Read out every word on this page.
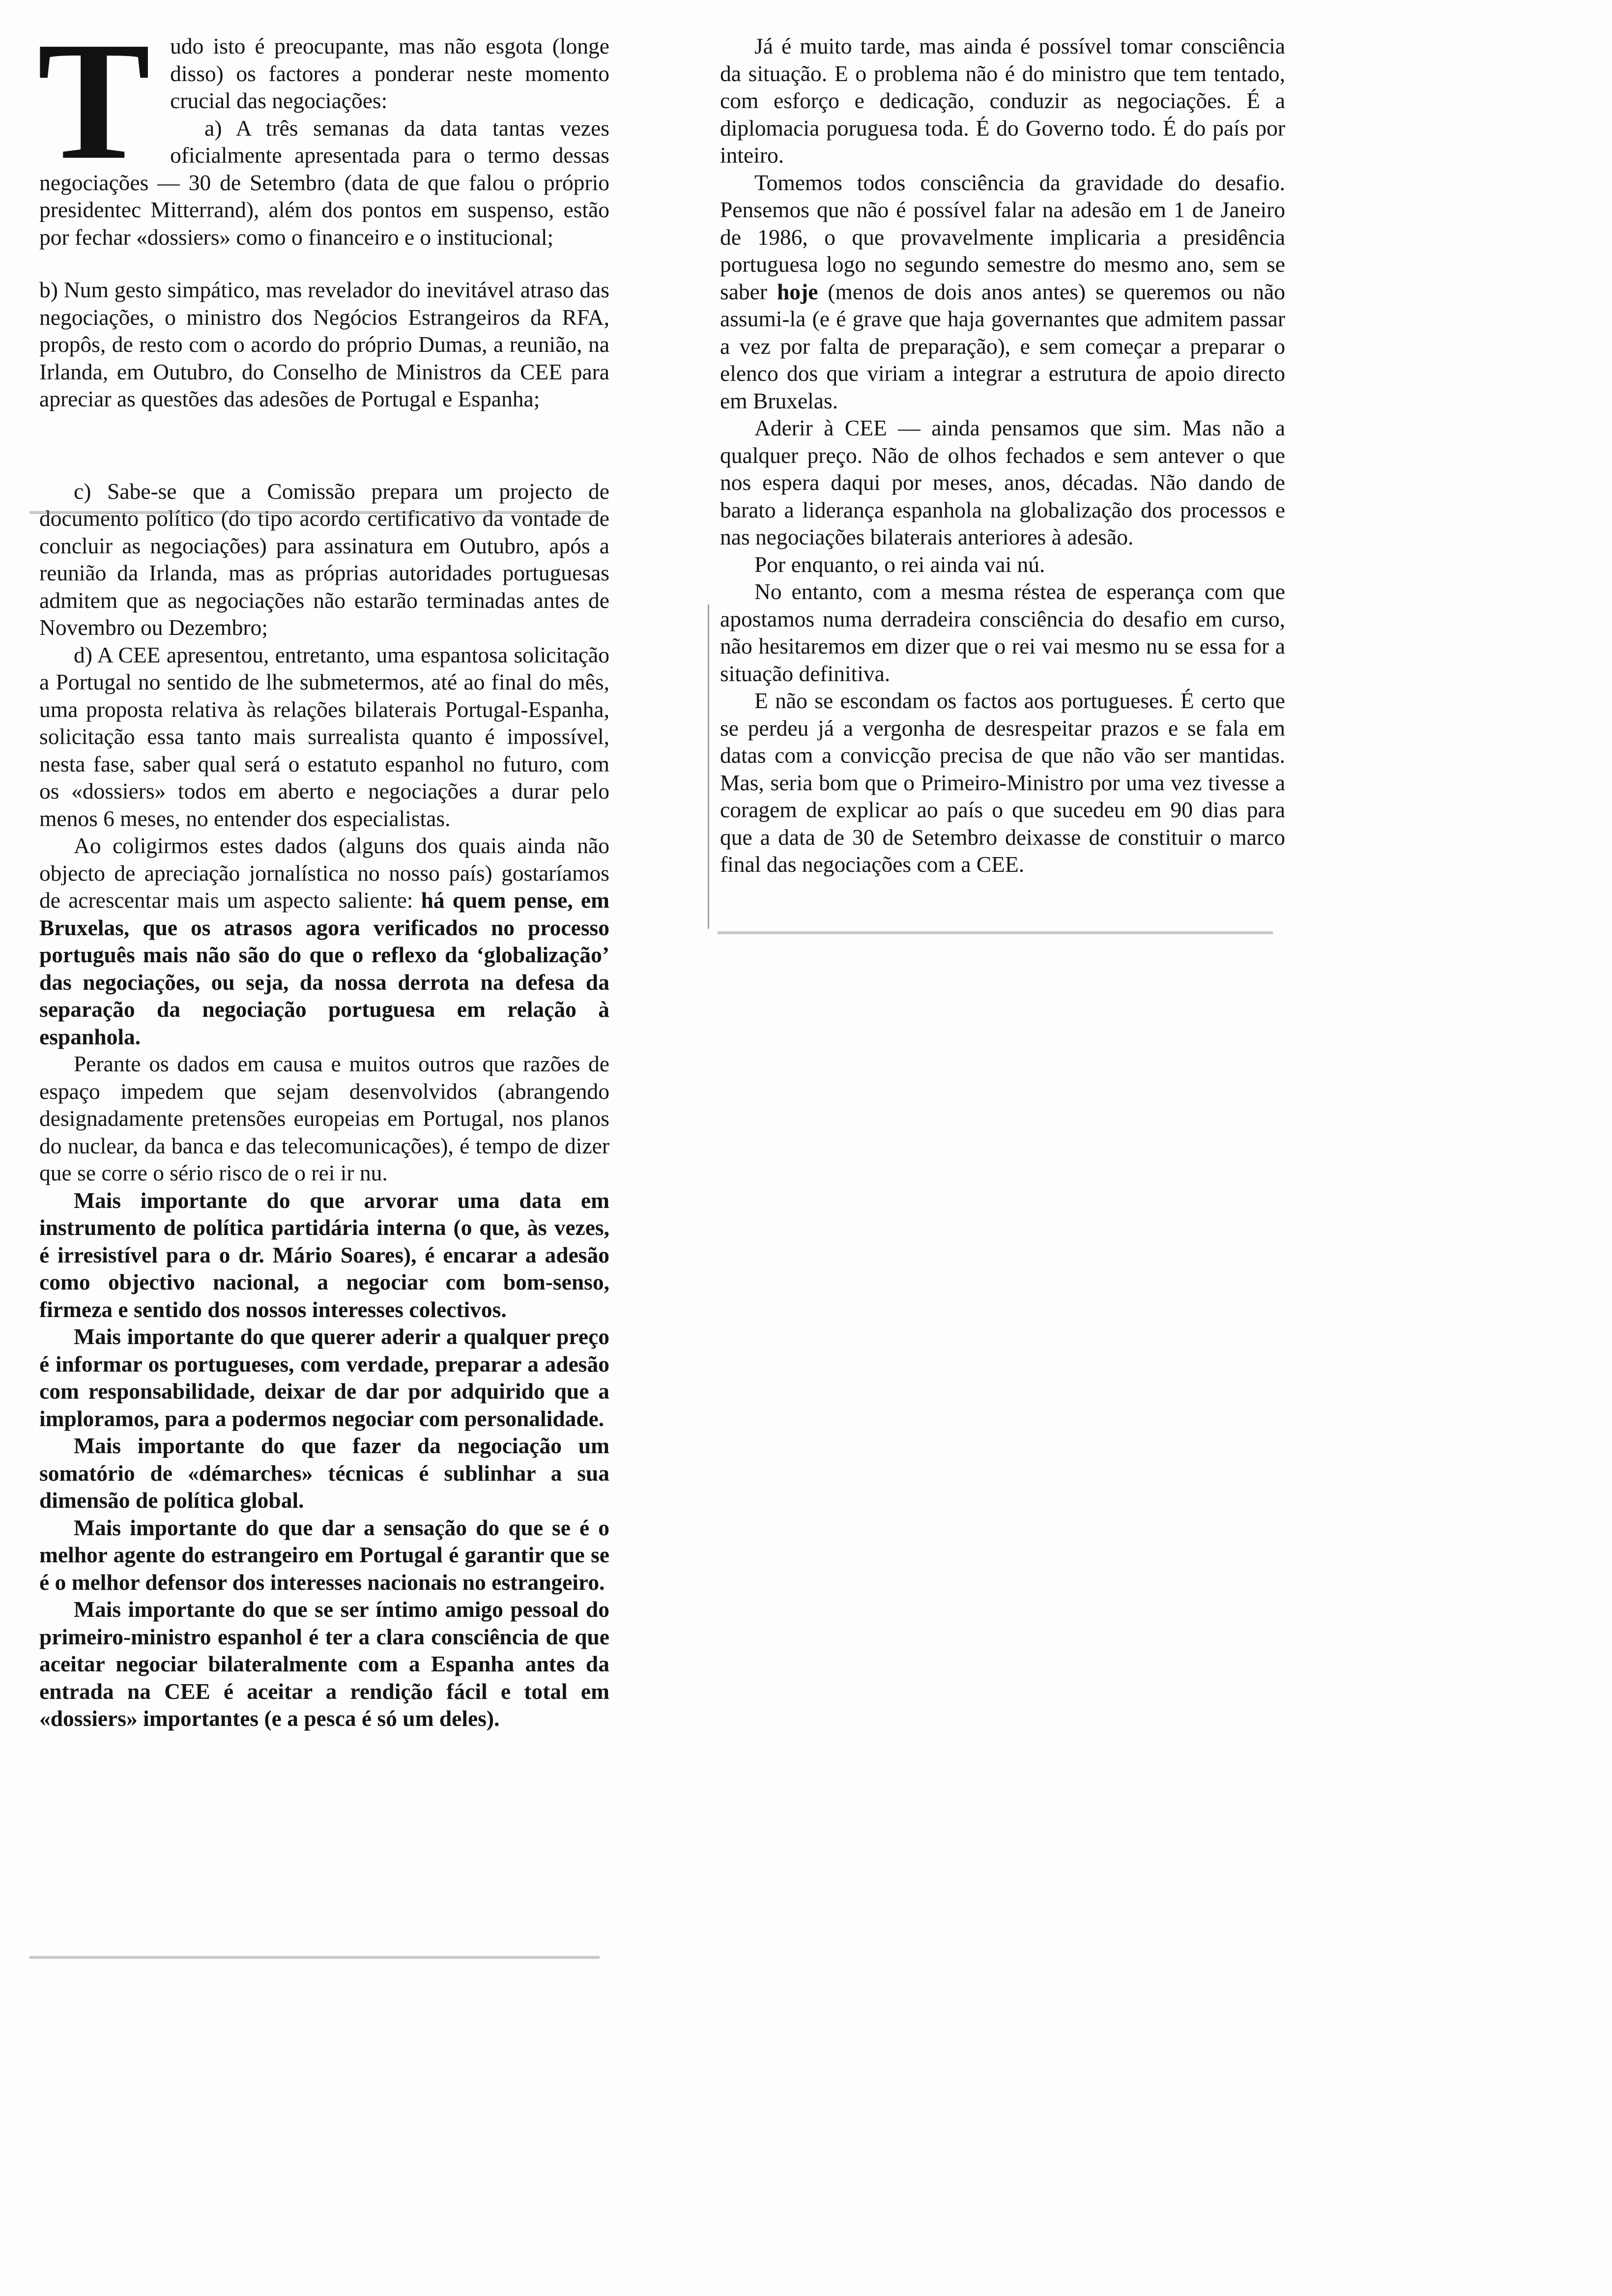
T udo isto é preocupante, mas não esgota (longe disso) os factores a ponderar neste momento crucial das negociações:

a) A três semanas da data tantas vezes oficialmente apresentada para o termo dessas negociações — 30 de Setembro (data de que falou o próprio presidentec Mitterrand), além dos pontos em suspenso, estão por fechar «dossiers» como o financeiro e o institucional;

b) Num gesto simpático, mas revelador do inevitável atraso das negociações, o ministro dos Negócios Estrangeiros da RFA, propôs, de resto com o acordo do próprio Dumas, a reunião, na Irlanda, em Outubro, do Conselho de Ministros da CEE para apreciar as questões das adesões de Portugal e Espanha;

c) Sabe-se que a Comissão prepara um projecto de documento político (do tipo acordo certificativo da vontade de concluir as negociações) para assinatura em Outubro, após a reunião da Irlanda, mas as próprias autoridades portuguesas admitem que as negociações não estarão terminadas antes de Novembro ou Dezembro;

d) A CEE apresentou, entretanto, uma espantosa solicitação a Portugal no sentido de lhe submetermos, até ao final do mês, uma proposta relativa às relações bilaterais Portugal-Espanha, solicitação essa tanto mais surrealista quanto é impossível, nesta fase, saber qual será o estatuto espanhol no futuro, com os «dossiers» todos em aberto e negociações a durar pelo menos 6 meses, no entender dos especialistas.

Ao coligirmos estes dados (alguns dos quais ainda não objecto de apreciação jornalística no nosso país) gostaríamos de acrescentar mais um aspecto saliente: há quem pense, em Bruxelas, que os atrasos agora verificados no processo português mais não são do que o reflexo da ‘globalização’ das negociações, ou seja, da nossa derrota na defesa da separação da negociação portuguesa em relação à espanhola.

Perante os dados em causa e muitos outros que razões de espaço impedem que sejam desenvolvidos (abrangendo designadamente pretensões europeias em Portugal, nos planos do nuclear, da banca e das telecomunicações), é tempo de dizer que se corre o sério risco de o rei ir nu.

Mais importante do que arvorar uma data em instrumento de política partidária interna (o que, às vezes, é irresistível para o dr. Mário Soares), é encarar a adesão como objectivo nacional, a negociar com bom-senso, firmeza e sentido dos nossos interesses colectivos.

Mais importante do que querer aderir a qualquer preço é informar os portugueses, com verdade, preparar a adesão com responsabilidade, deixar de dar por adquirido que a imploramos, para a podermos negociar com personalidade.

Mais importante do que fazer da negociação um somatório de «démarches» técnicas é sublinhar a sua dimensão de política global.

Mais importante do que dar a sensação do que se é o melhor agente do estrangeiro em Portugal é garantir que se é o melhor defensor dos interesses nacionais no estrangeiro.

Mais importante do que se ser íntimo amigo pessoal do primeiro-ministro espanhol é ter a clara consciência de que aceitar negociar bilateralmente com a Espanha antes da entrada na CEE é aceitar a rendição fácil e total em «dossiers» importantes (e a pesca é só um deles).

Já é muito tarde, mas ainda é possível tomar consciência da situação. E o problema não é do ministro que tem tentado, com esforço e dedicação, conduzir as negociações. É a diplomacia poruguesa toda. É do Governo todo. É do país por inteiro.

Tomemos todos consciência da gravidade do desafio. Pensemos que não é possível falar na adesão em 1 de Janeiro de 1986, o que provavelmente implicaria a presidência portuguesa logo no segundo semestre do mesmo ano, sem se saber hoje (menos de dois anos antes) se queremos ou não assumi-la (e é grave que haja governantes que admitem passar a vez por falta de preparação), e sem começar a preparar o elenco dos que viriam a integrar a estrutura de apoio directo em Bruxelas.

Aderir à CEE — ainda pensamos que sim. Mas não a qualquer preço. Não de olhos fechados e sem antever o que nos espera daqui por meses, anos, décadas. Não dando de barato a liderança espanhola na globalização dos processos e nas negociações bilaterais anteriores à adesão.

Por enquanto, o rei ainda vai nú.

No entanto, com a mesma réstea de esperança com que apostamos numa derradeira consciência do desafio em curso, não hesitaremos em dizer que o rei vai mesmo nu se essa for a situação definitiva.

E não se escondam os factos aos portugueses. É certo que se perdeu já a vergonha de desrespeitar prazos e se fala em datas com a convicção precisa de que não vão ser mantidas. Mas, seria bom que o Primeiro-Ministro por uma vez tivesse a coragem de explicar ao país o que sucedeu em 90 dias para que a data de 30 de Setembro deixasse de constituir o marco final das negociações com a CEE.
